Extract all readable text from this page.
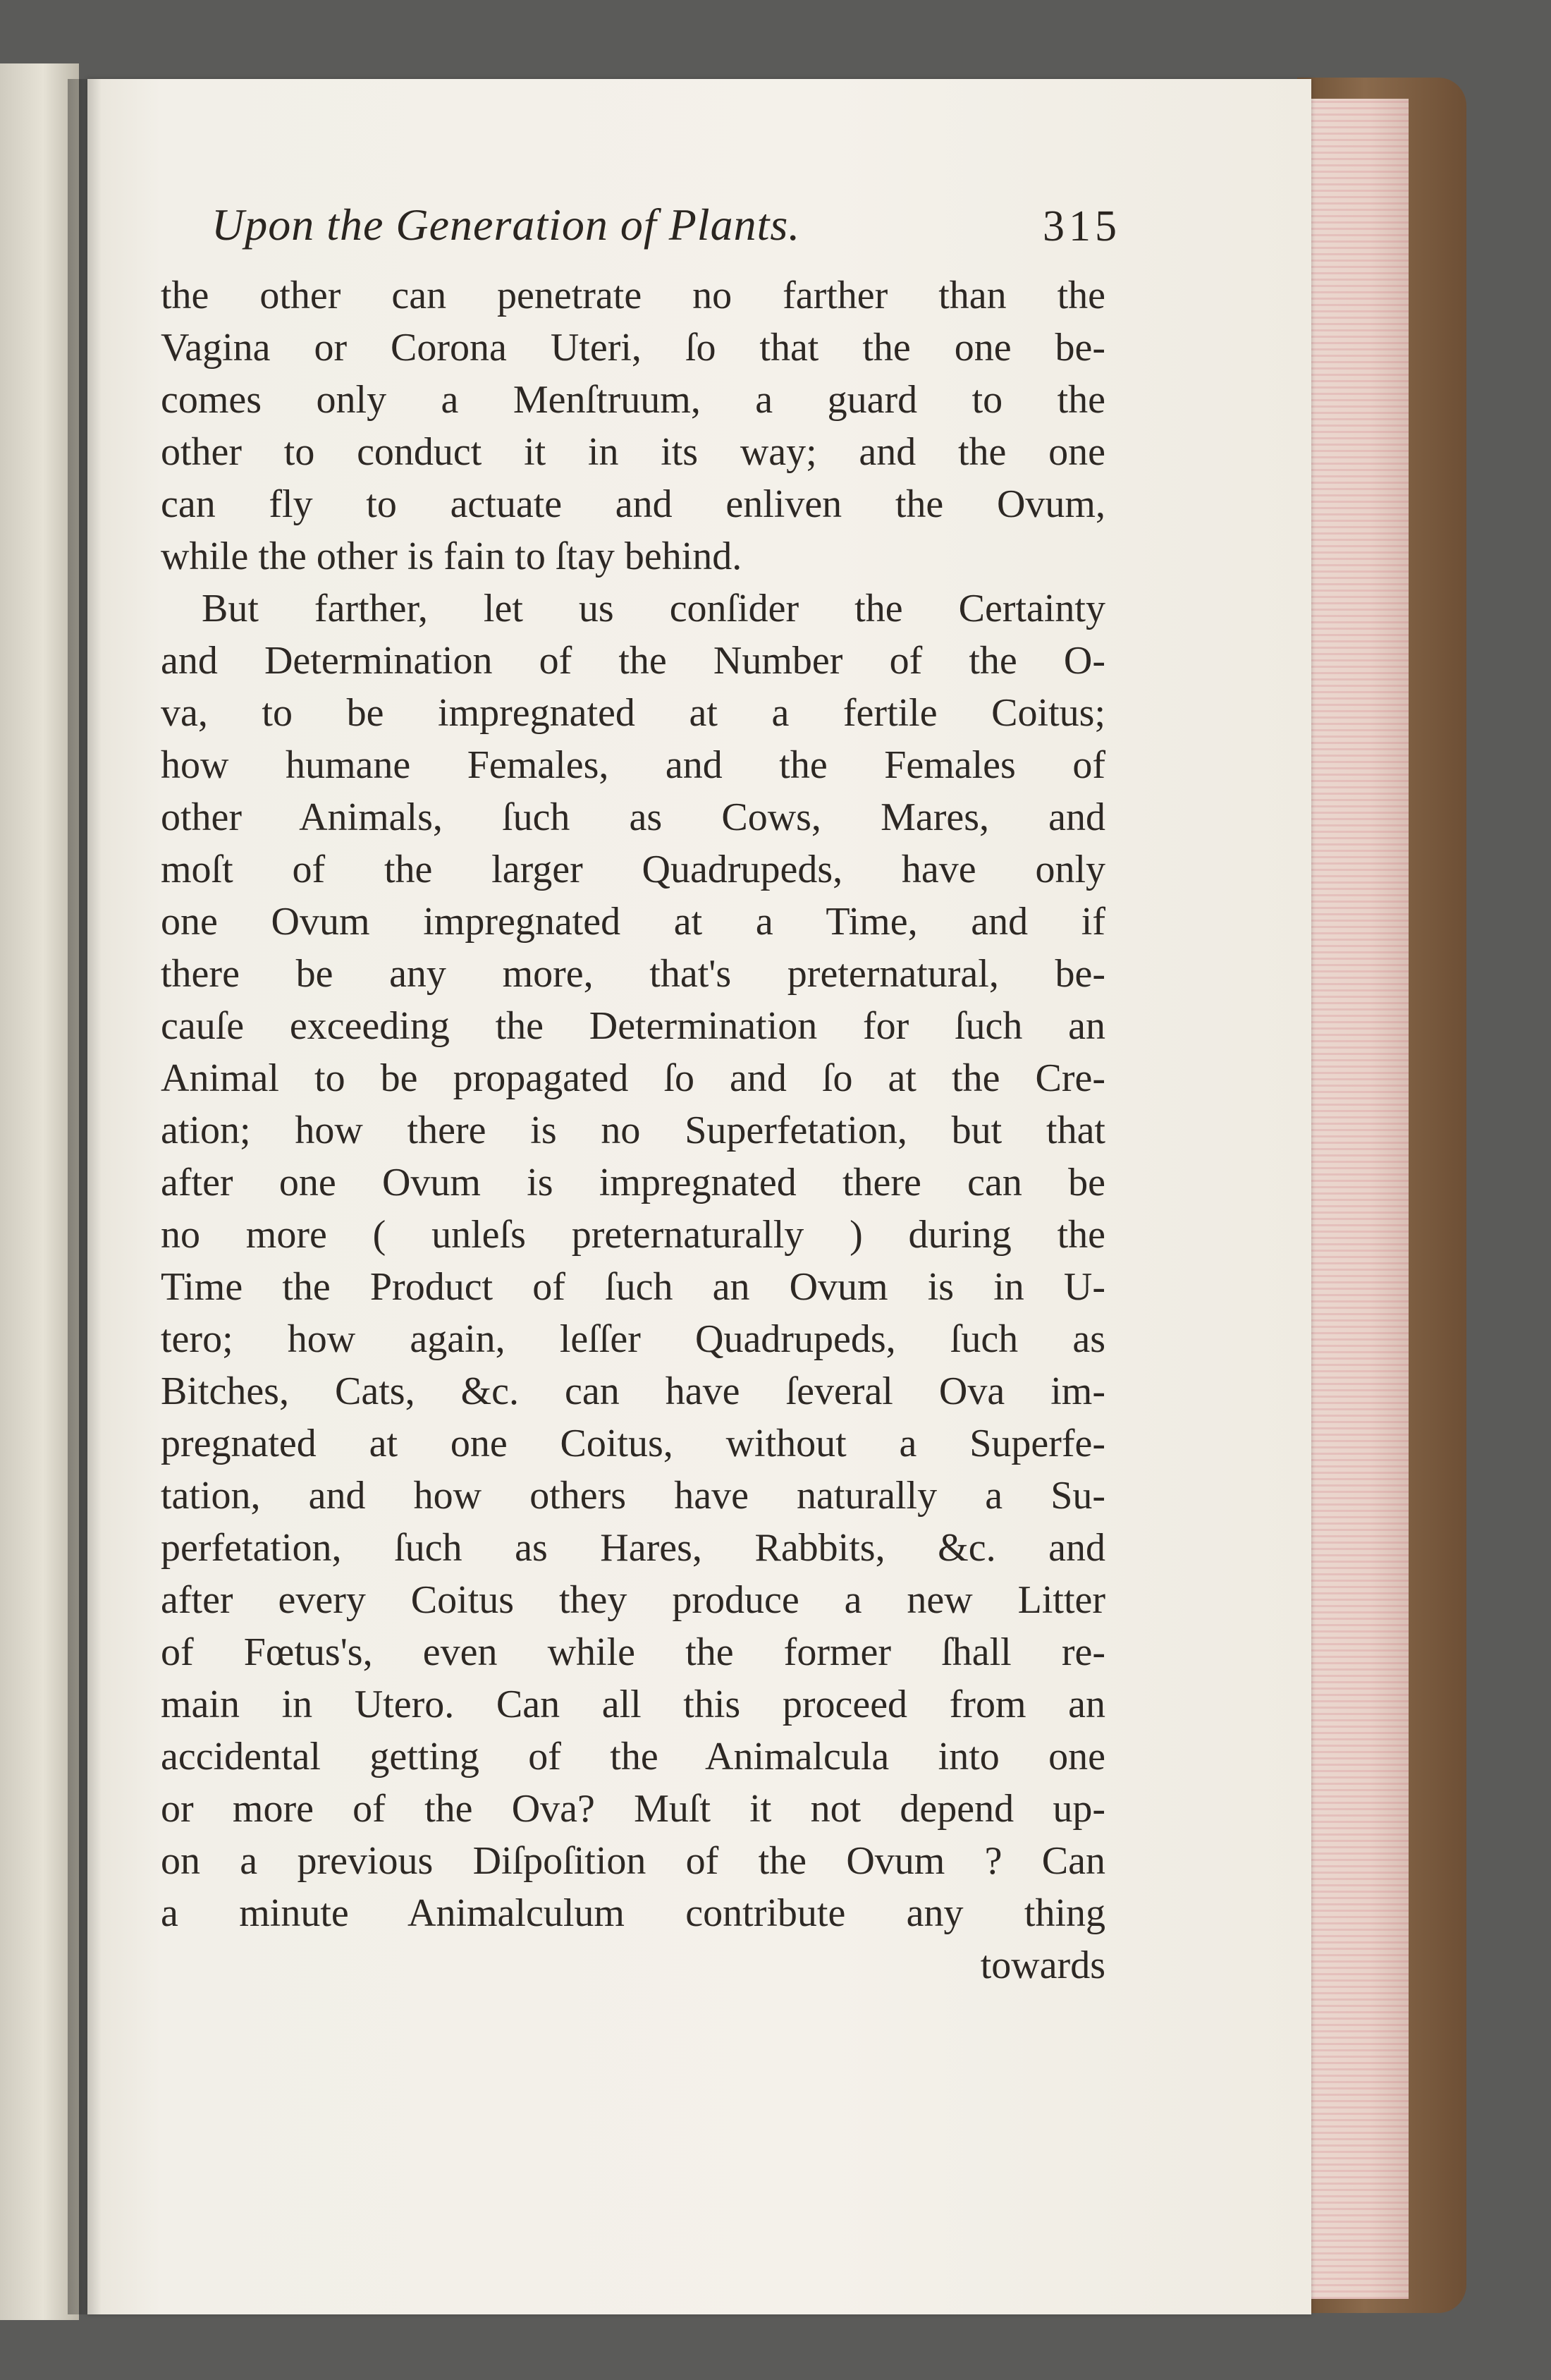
Upon the Generation of Plants.	315
the other can penetrate no farther than the
Vagina or Corona Uteri, ſo that the one be-
comes only a Menſtruum, a guard to the
other to conduct it in its way; and the one
can fly to actuate and enliven the Ovum,
while the other is fain to ſtay behind.
But farther, let us conſider the Certainty
and Determination of the Number of the O-
va, to be impregnated at a fertile Coitus;
how humane Females, and the Females of
other Animals, ſuch as Cows, Mares, and
moſt of the larger Quadrupeds, have only
one Ovum impregnated at a Time, and if
there be any more, that's preternatural, be-
cauſe exceeding the Determination for ſuch an
Animal to be propagated ſo and ſo at the Cre-
ation; how there is no Superfetation, but that
after one Ovum is impregnated there can be
no more ( unleſs preternaturally ) during the
Time the Product of ſuch an Ovum is in U-
tero; how again, leſſer Quadrupeds, ſuch as
Bitches, Cats, &c. can have ſeveral Ova im-
pregnated at one Coitus, without a Superfe-
tation, and how others have naturally a Su-
perfetation, ſuch as Hares, Rabbits, &c. and
after every Coitus they produce a new Litter
of Fœtus's, even while the former ſhall re-
main in Utero. Can all this proceed from an
accidental getting of the Animalcula into one
or more of the Ova? Muſt it not depend up-
on a previous Diſpoſition of the Ovum ? Can
a minute Animalculum contribute any thing
towards
